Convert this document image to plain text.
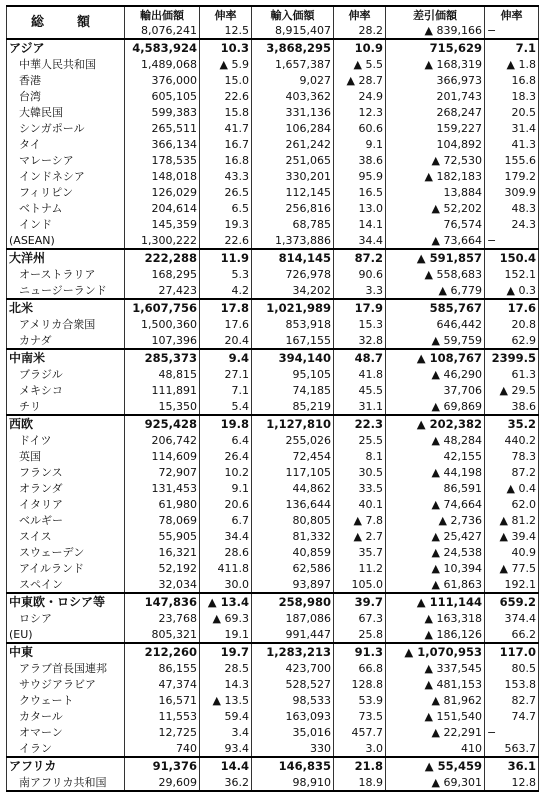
総　額	輸出価額	伸率	輸入価額	伸率	差引価額	伸率
	8,076,241	12.5	8,915,407	28.2	▲ 839,166	−
アジア	4,583,924	10.3	3,868,295	10.9	715,629	7.1
中華人民共和国	1,489,068	▲ 5.9	1,657,387	▲ 5.5	▲ 168,319	▲ 1.8
香港	376,000	15.0	9,027	▲ 28.7	366,973	16.8
台湾	605,105	22.6	403,362	24.9	201,743	18.3
大韓民国	599,383	15.8	331,136	12.3	268,247	20.5
シンガポール	265,511	41.7	106,284	60.6	159,227	31.4
タイ	366,134	16.7	261,242	9.1	104,892	41.3
マレーシア	178,535	16.8	251,065	38.6	▲ 72,530	155.6
インドネシア	148,018	43.3	330,201	95.9	▲ 182,183	179.2
フィリピン	126,029	26.5	112,145	16.5	13,884	309.9
ベトナム	204,614	6.5	256,816	13.0	▲ 52,202	48.3
インド	145,359	19.3	68,785	14.1	76,574	24.3
(ASEAN)	1,300,222	22.6	1,373,886	34.4	▲ 73,664	−
大洋州	222,288	11.9	814,145	87.2	▲ 591,857	150.4
オーストラリア	168,295	5.3	726,978	90.6	▲ 558,683	152.1
ニュージーランド	27,423	4.2	34,202	3.3	▲ 6,779	▲ 0.3
北米	1,607,756	17.8	1,021,989	17.9	585,767	17.6
アメリカ合衆国	1,500,360	17.6	853,918	15.3	646,442	20.8
カナダ	107,396	20.4	167,155	32.8	▲ 59,759	62.9
中南米	285,373	9.4	394,140	48.7	▲ 108,767	2399.5
ブラジル	48,815	27.1	95,105	41.8	▲ 46,290	61.3
メキシコ	111,891	7.1	74,185	45.5	37,706	▲ 29.5
チリ	15,350	5.4	85,219	31.1	▲ 69,869	38.6
西欧	925,428	19.8	1,127,810	22.3	▲ 202,382	35.2
ドイツ	206,742	6.4	255,026	25.5	▲ 48,284	440.2
英国	114,609	26.4	72,454	8.1	42,155	78.3
フランス	72,907	10.2	117,105	30.5	▲ 44,198	87.2
オランダ	131,453	9.1	44,862	33.5	86,591	▲ 0.4
イタリア	61,980	20.6	136,644	40.1	▲ 74,664	62.0
ベルギー	78,069	6.7	80,805	▲ 7.8	▲ 2,736	▲ 81.2
スイス	55,905	34.4	81,332	▲ 2.7	▲ 25,427	▲ 39.4
スウェーデン	16,321	28.6	40,859	35.7	▲ 24,538	40.9
アイルランド	52,192	411.8	62,586	11.2	▲ 10,394	▲ 77.5
スペイン	32,034	30.0	93,897	105.0	▲ 61,863	192.1
中東欧・ロシア等	147,836	▲ 13.4	258,980	39.7	▲ 111,144	659.2
ロシア	23,768	▲ 69.3	187,086	67.3	▲ 163,318	374.4
(EU)	805,321	19.1	991,447	25.8	▲ 186,126	66.2
中東	212,260	19.7	1,283,213	91.3	▲ 1,070,953	117.0
アラブ首長国連邦	86,155	28.5	423,700	66.8	▲ 337,545	80.5
サウジアラビア	47,374	14.3	528,527	128.8	▲ 481,153	153.8
クウェート	16,571	▲ 13.5	98,533	53.9	▲ 81,962	82.7
カタール	11,553	59.4	163,093	73.5	▲ 151,540	74.7
オマーン	12,725	3.4	35,016	457.7	▲ 22,291	−
イラン	740	93.4	330	3.0	410	563.7
アフリカ	91,376	14.4	146,835	21.8	▲ 55,459	36.1
南アフリカ共和国	29,609	36.2	98,910	18.9	▲ 69,301	12.8
